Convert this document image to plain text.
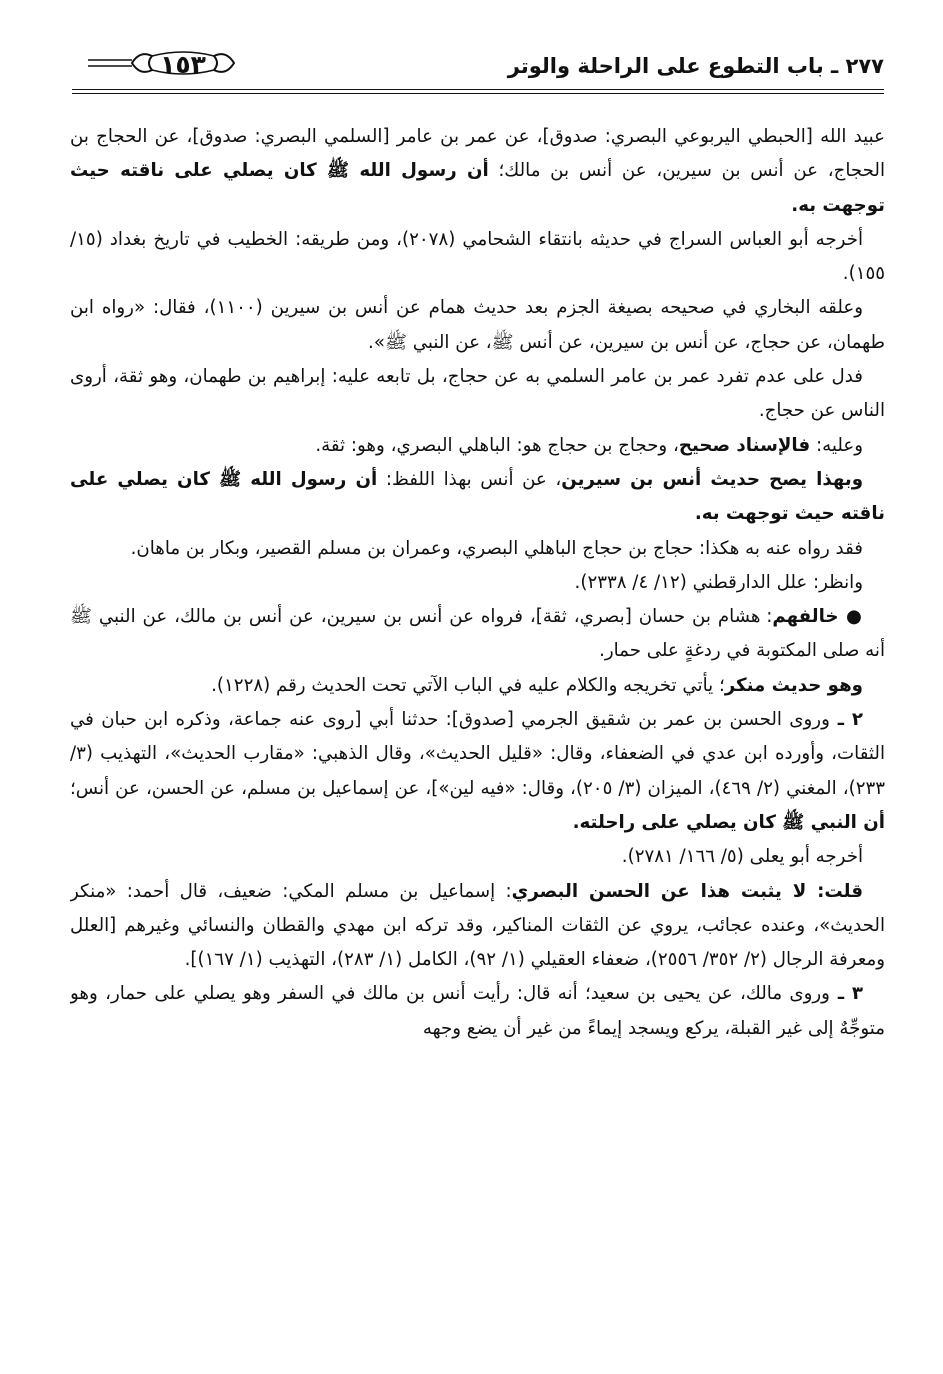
٢٧٧ ـ باب التطوع على الراحلة والوتر
١٥٣

عبيد الله [الحبطي اليربوعي البصري: صدوق]، عن عمر بن عامر [السلمي البصري: صدوق]، عن الحجاج بن الحجاج، عن أنس بن سيرين، عن أنس بن مالك؛ أن رسول الله ﷺ كان يصلي على ناقته حيث توجهت به.

أخرجه أبو العباس السراج في حديثه بانتقاء الشحامي (٢٠٧٨)، ومن طريقه: الخطيب في تاريخ بغداد (١٥/ ١٥٥).

وعلقه البخاري في صحيحه بصيغة الجزم بعد حديث همام عن أنس بن سيرين (١١٠٠)، فقال: «رواه ابن طهمان، عن حجاج، عن أنس بن سيرين، عن أنس ﷺ، عن النبي ﷺ».

فدل على عدم تفرد عمر بن عامر السلمي به عن حجاج، بل تابعه عليه: إبراهيم بن طهمان، وهو ثقة، أروى الناس عن حجاج.

وعليه: فالإسناد صحيح، وحجاج بن حجاج هو: الباهلي البصري، وهو: ثقة.

وبهذا يصح حديث أنس بن سيرين، عن أنس بهذا اللفظ: أن رسول الله ﷺ كان يصلي على ناقته حيث توجهت به.

فقد رواه عنه به هكذا: حجاج بن حجاج الباهلي البصري، وعمران بن مسلم القصير، وبكار بن ماهان.

وانظر: علل الدارقطني (١٢/ ٤/ ٢٣٣٨).

● خالفهم: هشام بن حسان [بصري، ثقة]، فرواه عن أنس بن سيرين، عن أنس بن مالك، عن النبي ﷺ أنه صلى المكتوبة في ردغةٍ على حمار.

وهو حديث منكر؛ يأتي تخريجه والكلام عليه في الباب الآتي تحت الحديث رقم (١٢٢٨).

٢ ـ وروى الحسن بن عمر بن شقيق الجرمي [صدوق]: حدثنا أبي [روى عنه جماعة، وذكره ابن حبان في الثقات، وأورده ابن عدي في الضعفاء، وقال: «قليل الحديث»، وقال الذهبي: «مقارب الحديث»، التهذيب (٣/ ٢٣٣)، المغني (٢/ ٤٦٩)، الميزان (٣/ ٢٠٥)، وقال: «فيه لين»]، عن إسماعيل بن مسلم، عن الحسن، عن أنس؛ أن النبي ﷺ كان يصلي على راحلته.

أخرجه أبو يعلى (٥/ ١٦٦/ ٢٧٨١).

قلت: لا يثبت هذا عن الحسن البصري: إسماعيل بن مسلم المكي: ضعيف، قال أحمد: «منكر الحديث»، وعنده عجائب، يروي عن الثقات المناكير، وقد تركه ابن مهدي والقطان والنسائي وغيرهم [العلل ومعرفة الرجال (٢/ ٣٥٢/ ٢٥٥٦)، ضعفاء العقيلي (١/ ٩٢)، الكامل (١/ ٢٨٣)، التهذيب (١/ ١٦٧)].

٣ ـ وروى مالك، عن يحيى بن سعيد؛ أنه قال: رأيت أنس بن مالك في السفر وهو يصلي على حمار، وهو متوجِّهٌ إلى غير القبلة، يركع ويسجد إيماءً من غير أن يضع وجهه
